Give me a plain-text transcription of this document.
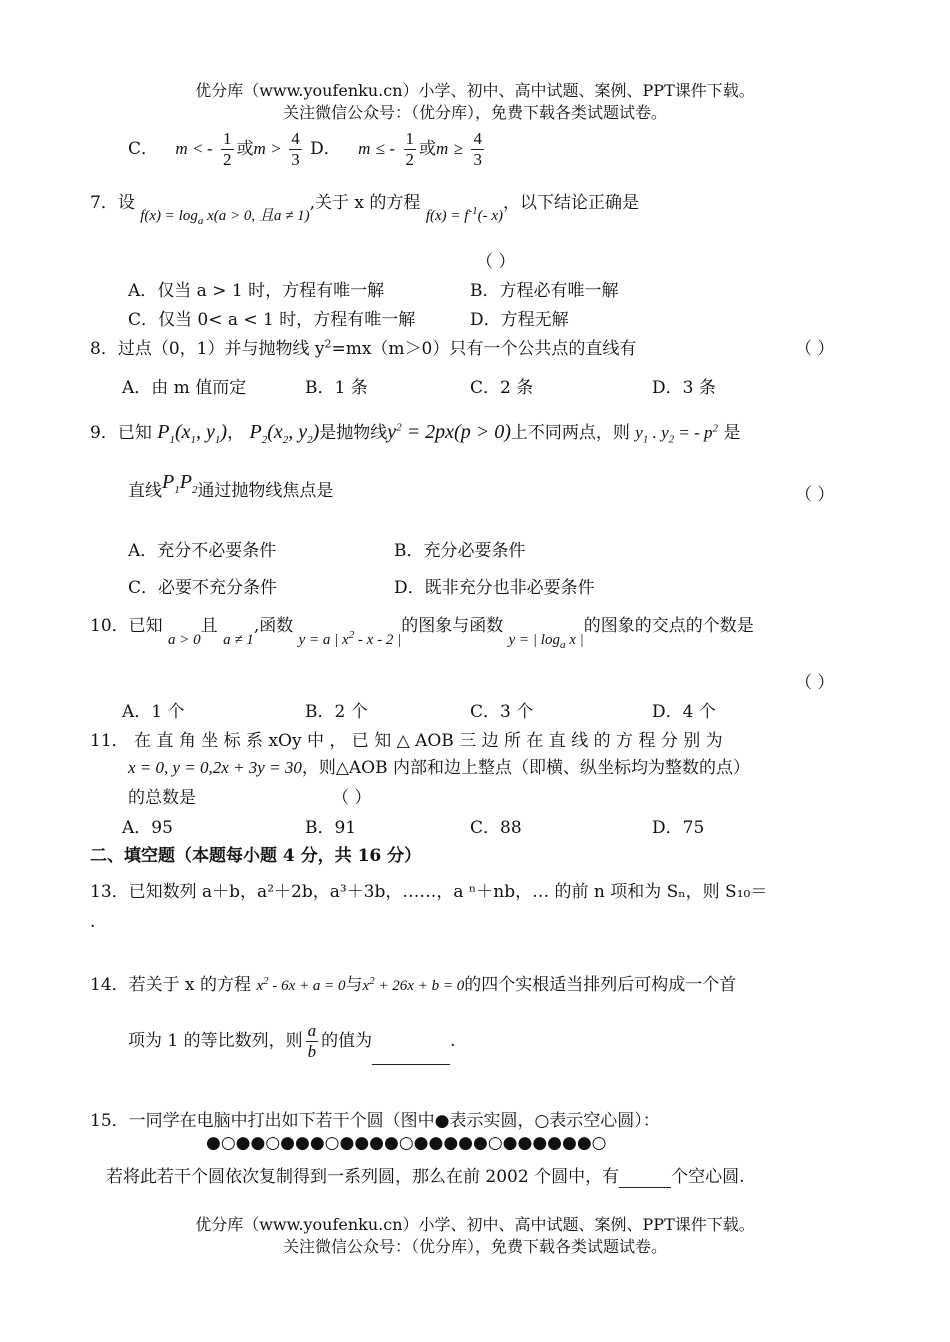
优分库（www.youfenku.cn）小学、初中、高中试题、案例、PPT课件下载。
关注微信公众号：（优分库），免费下载各类试题试卷。
C． m < - $\frac{1}{2}$ 或$m > \frac{4}{3}$ D． m ≤ - $\frac{1}{2}$ 或$m \ge \frac{4}{3}$
7．设 $f(x) = \log_a x(a > 0$, 且a ≠ 1),关于 x 的方程 $f(x) = f^{-1}(-$ x)，以下结论正确是
（ ）
A．仅当 a > 1 时，方程有唯一解	B．方程必有唯一解
C．仅当 0< a < 1 时，方程有唯一解	D．方程无解
8．过点（0，1）并与抛物线 $y^2=mx(m>0)$只有一个公共点的直线有	（ ）
A．由 m 值而定	B．1 条	C．2 条	D．3 条
9．已知 $P_1(x_1$, $y_1$)， $P_2(x_2$, $y_2$)是抛物线$y^2 = 2px(p > 0)$上不同两点，则 $y_1$ . $y_2$ = - $p^2$ 是
直线$P_1P_2$通过抛物线焦点是	（ ）
A．充分不必要条件	B．充分必要条件
C．必要不充分条件	D．既非充分也非必要条件
10．已知 a > 0且 a ≠ 1,函数 y = a | $x^2$ - x - 2 |的图象与函数 y = | $\log_a x$ |的图象的交点的个数是
（ ）
A．1 个	B．2 个	C．3 个	D．4 个
11． 在 直 角 坐 标 系 xOy 中 ， 已 知 △ AOB 三 边 所 在 直 线 的 方 程 分 别 为
x = 0, y = 0,2x + 3y = 30，则△AOB 内部和边上整点（即横、纵坐标均为整数的点）
的总数是	（ ）
A．95	B．91	C．88	D．75
二、填空题（本题每小题 4 分，共 16 分）
13．已知数列 a＋b，a²＋2b，a³＋3b，……，a ⁿ＋nb，… 的前 n 项和为 Sₙ，则 S₁₀＝
.
14．若关于 x 的方程 $x^2 - 6x + a = 0$与$x^2 + 26x + b = 0$的四个实根适当排列后可构成一个首
项为 1 的等比数列，则 $\frac{a}{b}$ 的值为	.
15．一同学在电脑中打出如下若干个圆（图中●表示实圆，○表示空心圆）：
●○●●○●●●○●●●●○●●●●●○●●●●●●○
若将此若干个圆依次复制得到一系列圆，那么在前 2002 个圆中，有	个空心圆.
优分库（www.youfenku.cn）小学、初中、高中试题、案例、PPT课件下载。
关注微信公众号：（优分库），免费下载各类试题试卷。
